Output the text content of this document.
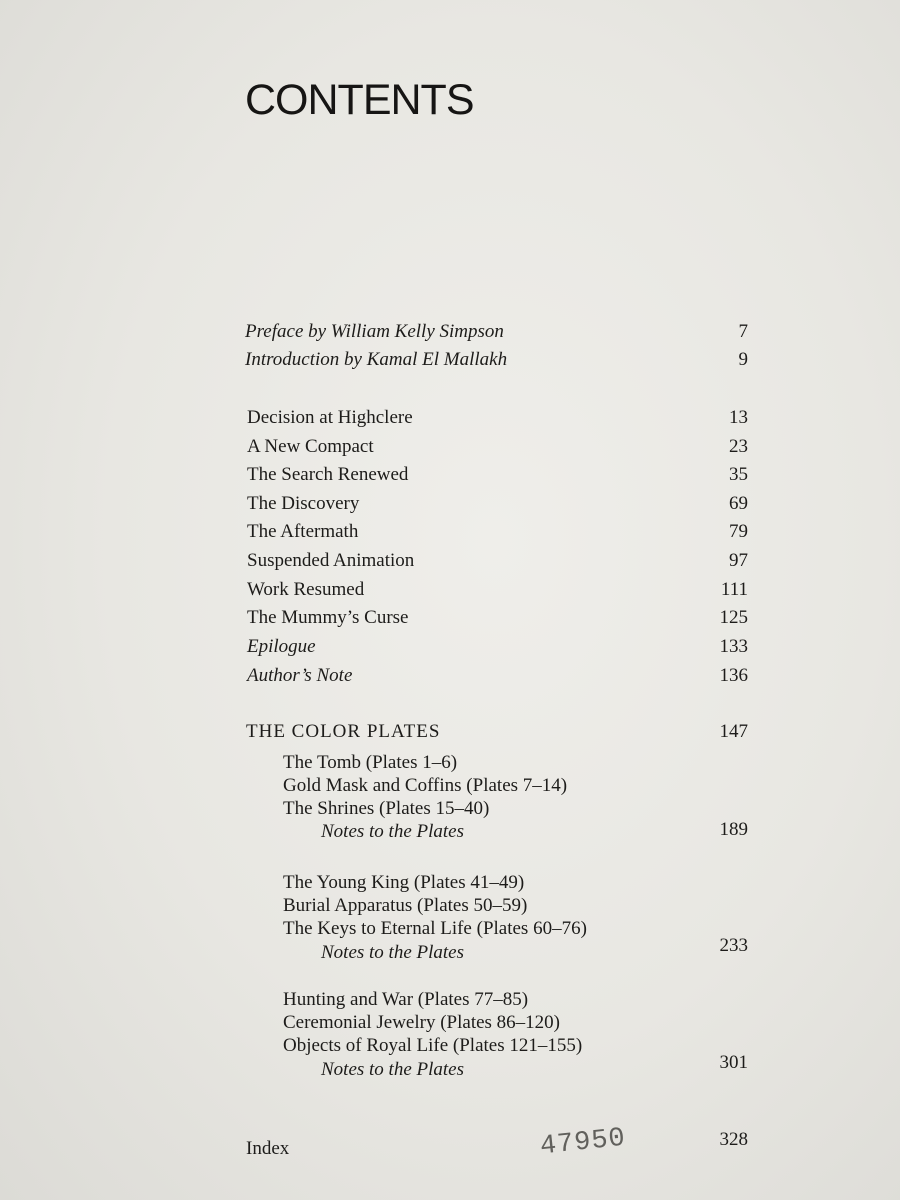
CONTENTS
Preface by William Kelly Simpson	7
Introduction by Kamal El Mallakh	9
Decision at Highclere	13
A New Compact	23
The Search Renewed	35
The Discovery	69
The Aftermath	79
Suspended Animation	97
Work Resumed	111
The Mummy’s Curse	125
Epilogue	133
Author’s Note	136
THE COLOR PLATES	147
The Tomb (Plates 1–6)
Gold Mask and Coffins (Plates 7–14)
The Shrines (Plates 15–40)
Notes to the Plates	189
The Young King (Plates 41–49)
Burial Apparatus (Plates 50–59)
The Keys to Eternal Life (Plates 60–76)
Notes to the Plates	233
Hunting and War (Plates 77–85)
Ceremonial Jewelry (Plates 86–120)
Objects of Royal Life (Plates 121–155)
Notes to the Plates	301
Index	328
47950
